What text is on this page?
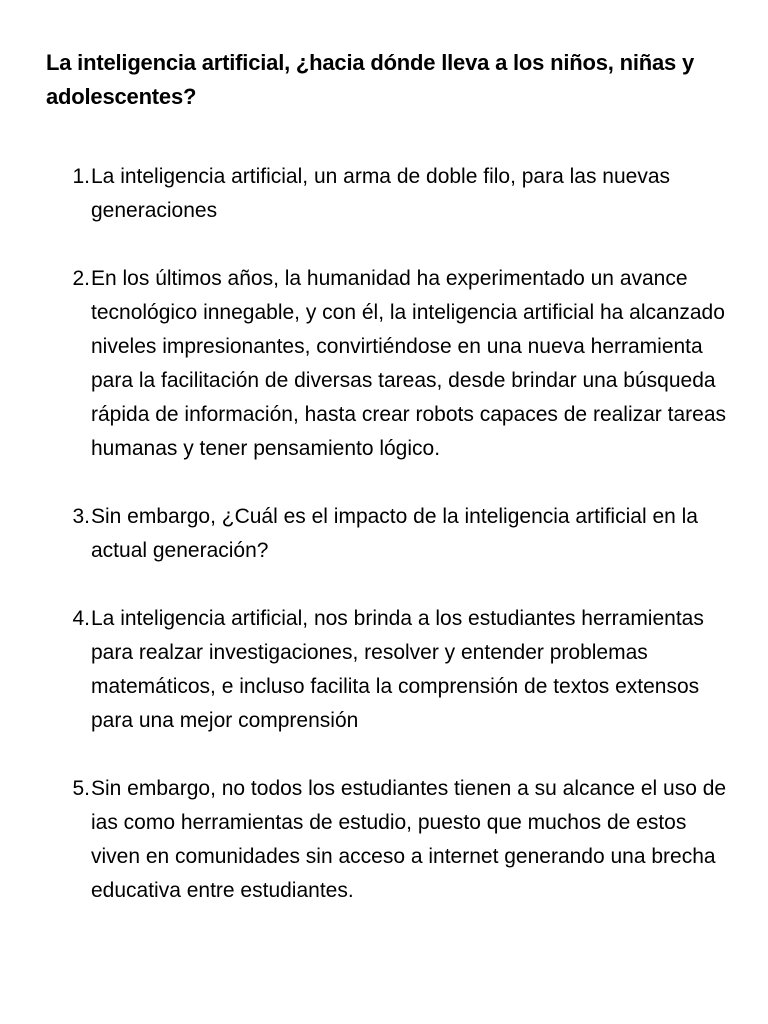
La inteligencia artificial, ¿hacia dónde lleva a los niños, niñas y adolescentes?
1. La inteligencia artificial, un arma de doble filo, para las nuevas generaciones
2. En los últimos años, la humanidad ha experimentado un avance tecnológico innegable, y con él, la inteligencia artificial ha alcanzado niveles impresionantes, convirtiéndose en una nueva herramienta para la facilitación de diversas tareas, desde brindar una búsqueda rápida de información, hasta crear robots capaces de realizar tareas humanas y tener pensamiento lógico.
3. Sin embargo, ¿Cuál es el impacto de la inteligencia artificial en la actual generación?
4. La inteligencia artificial, nos brinda a los estudiantes herramientas para realzar investigaciones, resolver y entender problemas matemáticos, e incluso facilita la comprensión de textos extensos para una mejor comprensión
5. Sin embargo, no todos los estudiantes tienen a su alcance el uso de ias como herramientas de estudio, puesto que muchos de estos viven en comunidades sin acceso a internet generando una brecha educativa entre estudiantes.
